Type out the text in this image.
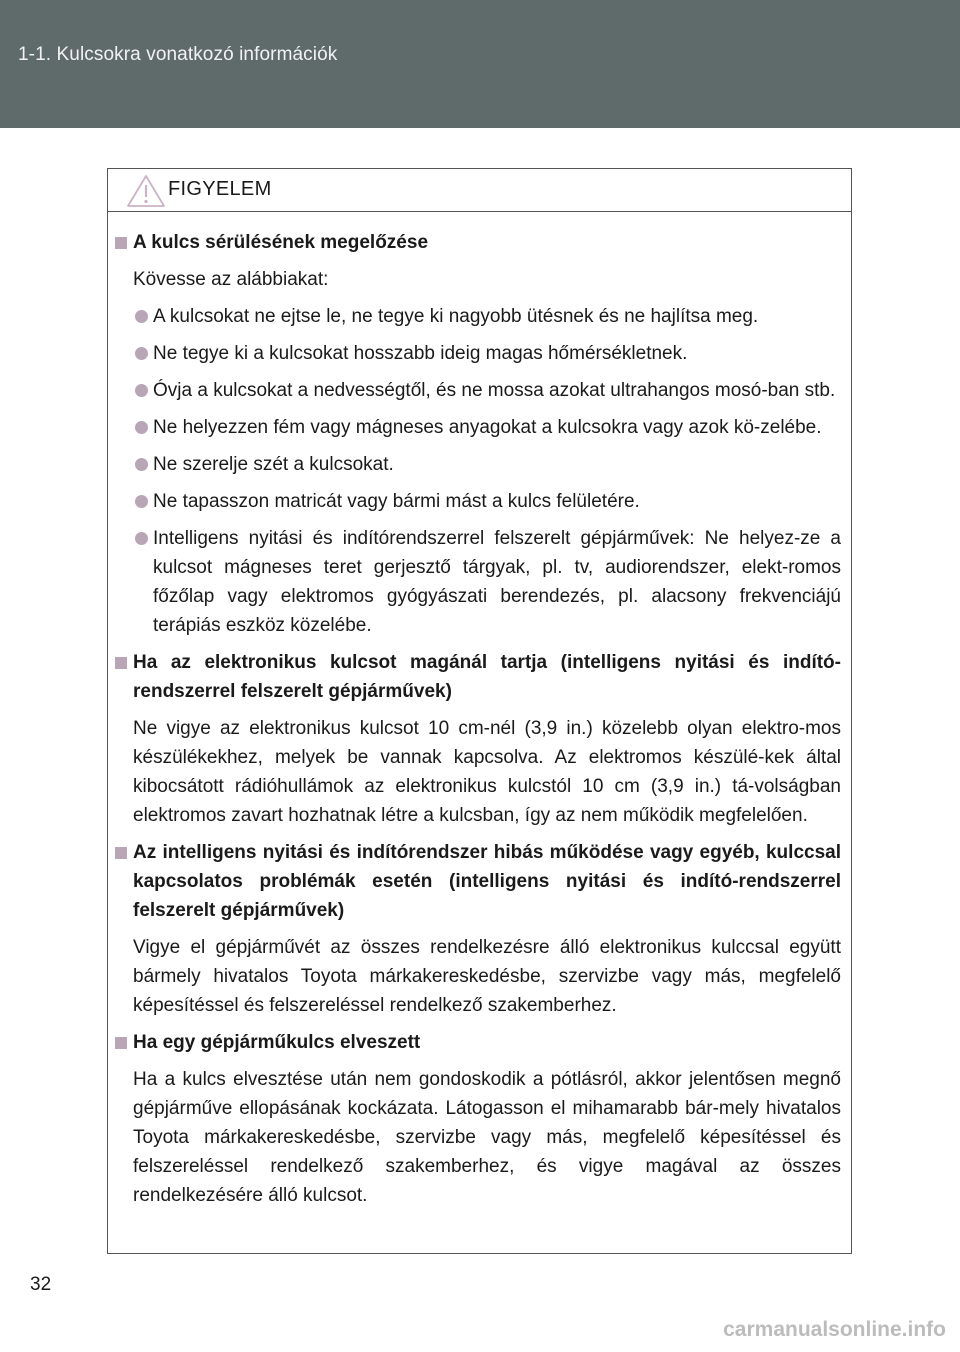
1-1. Kulcsokra vonatkozó információk
FIGYELEM
A kulcs sérülésének megelőzése
Kövesse az alábbiakat:
A kulcsokat ne ejtse le, ne tegye ki nagyobb ütésnek és ne hajlítsa meg.
Ne tegye ki a kulcsokat hosszabb ideig magas hőmérsékletnek.
Óvja a kulcsokat a nedvességtől, és ne mossa azokat ultrahangos mosó-ban stb.
Ne helyezzen fém vagy mágneses anyagokat a kulcsokra vagy azok kö-zelébe.
Ne szerelje szét a kulcsokat.
Ne tapasszon matricát vagy bármi mást a kulcs felületére.
Intelligens nyitási és indítórendszerrel felszerelt gépjárművek: Ne helyez-ze a kulcsot mágneses teret gerjesztő tárgyak, pl. tv, audiorendszer, elekt-romos főzőlap vagy elektromos gyógyászati berendezés, pl. alacsony frekvenciájú terápiás eszköz közelébe.
Ha az elektronikus kulcsot magánál tartja (intelligens nyitási és indító-rendszerrel felszerelt gépjárművek)
Ne vigye az elektronikus kulcsot 10 cm-nél (3,9 in.) közelebb olyan elektro-mos készülékekhez, melyek be vannak kapcsolva. Az elektromos készülé-kek által kibocsátott rádióhullámok az elektronikus kulcstól 10 cm (3,9 in.) tá-volságban elektromos zavart hozhatnak létre a kulcsban, így az nem működik megfelelően.
Az intelligens nyitási és indítórendszer hibás működése vagy egyéb, kulccsal kapcsolatos problémák esetén (intelligens nyitási és indító-rendszerrel felszerelt gépjárművek)
Vigye el gépjárművét az összes rendelkezésre álló elektronikus kulccsal együtt bármely hivatalos Toyota márkakereskedésbe, szervizbe vagy más, megfelelő képesítéssel és felszereléssel rendelkező szakemberhez.
Ha egy gépjárműkulcs elveszett
Ha a kulcs elvesztése után nem gondoskodik a pótlásról, akkor jelentősen megnő gépjárműve ellopásának kockázata. Látogasson el mihamarabb bár-mely hivatalos Toyota márkakereskedésbe, szervizbe vagy más, megfelelő képesítéssel és felszereléssel rendelkező szakemberhez, és vigye magával az összes rendelkezésére álló kulcsot.
32
carmanualsonline.info
